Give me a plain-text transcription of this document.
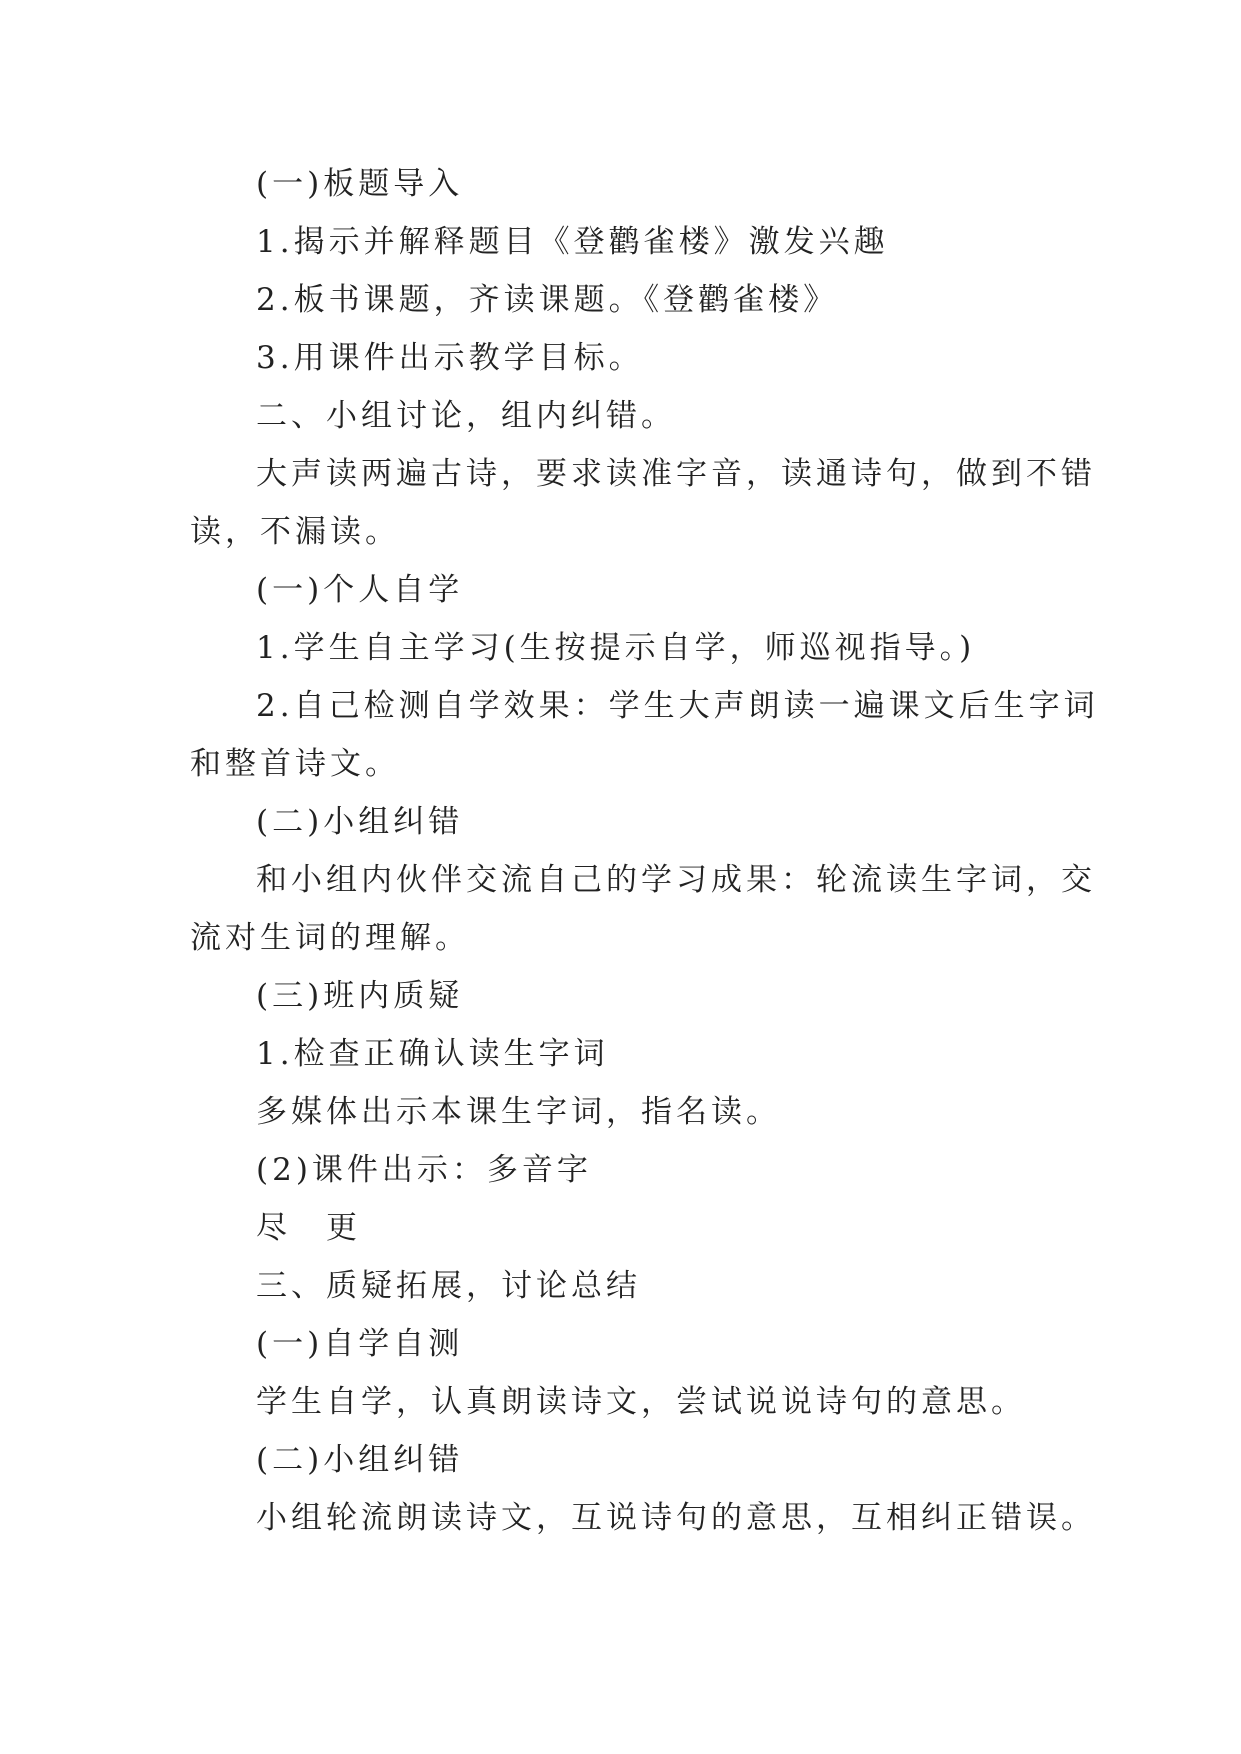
(一)板题导入
1.揭示并解释题目《登鹳雀楼》激发兴趣
2.板书课题，齐读课题。《登鹳雀楼》
3.用课件出示教学目标。
二、小组讨论，组内纠错。
大声读两遍古诗，要求读准字音，读通诗句，做到不错
读，不漏读。
(一)个人自学
1.学生自主学习(生按提示自学，师巡视指导。)
2.自己检测自学效果：学生大声朗读一遍课文后生字词
和整首诗文。
(二)小组纠错
和小组内伙伴交流自己的学习成果：轮流读生字词，交
流对生词的理解。
(三)班内质疑
1.检查正确认读生字词
多媒体出示本课生字词，指名读。
(2)课件出示：多音字
尽　更
三、质疑拓展，讨论总结
(一)自学自测
学生自学，认真朗读诗文，尝试说说诗句的意思。
(二)小组纠错
小组轮流朗读诗文，互说诗句的意思，互相纠正错误。
